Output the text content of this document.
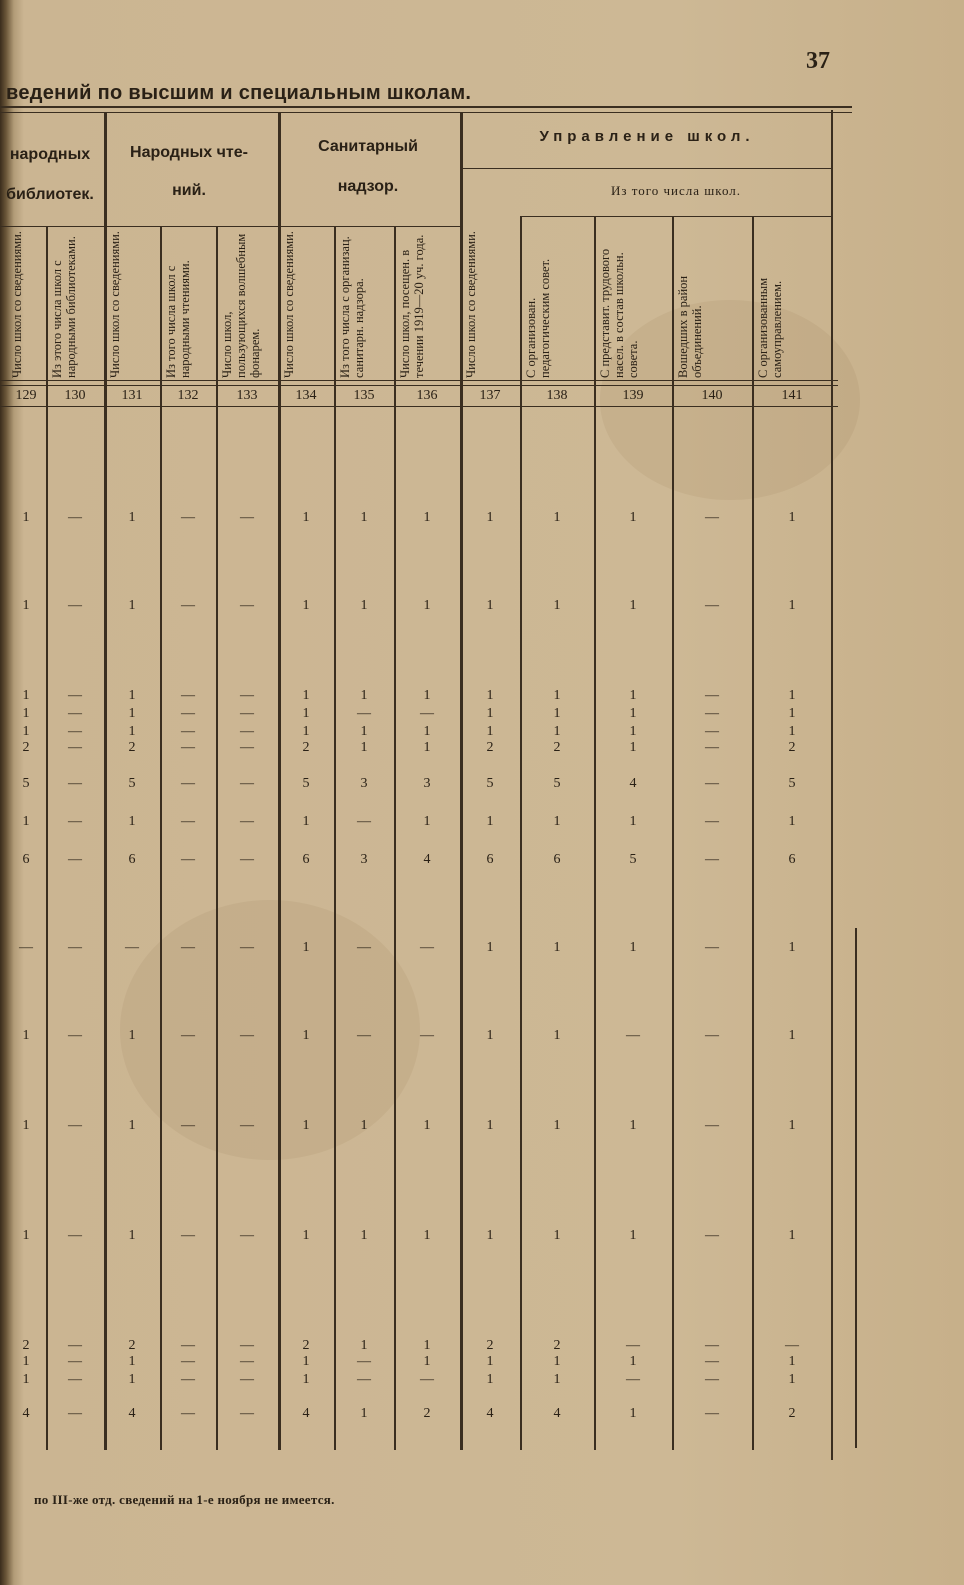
37
ведений по высшим и специальным школам.
народных
библиотек.
Народных чте-
ний.
Санитарный
надзор.
Управление школ.
Из того числа школ.
Число школ со сведениями.
129
Из этого числа школ с народными библиотеками.
130
Число школ со сведениями.
131
Из того числа школ с народными чтениями.
132
Число школ, пользующихся волшебным фонарем.
133
Число школ со сведениями.
134
Из того числа с организац. санитарн. надзора.
135
Число школ, посещен. в течении 1919—20 уч. года.
136
Число школ со сведениями.
137
С организован. педагогическим совет.
138
С представит. трудового насел. в состав школьн. совета.
139
Вошедших в район объединений.
140
С организованным самоуправлением.
141
1	—	1	—	—	1	1	1	1	1	1	—	1
1	—	1	—	—	1	1	1	1	1	1	—	1
1	—	1	—	—	1	1	1	1	1	1	—	1
1	—	1	—	—	1	—	—	1	1	1	—	1
1	—	1	—	—	1	1	1	1	1	1	—	1
2	—	2	—	—	2	1	1	2	2	1	—	2
5	—	5	—	—	5	3	3	5	5	4	—	5
1	—	1	—	—	1	—	1	1	1	1	—	1
6	—	6	—	—	6	3	4	6	6	5	—	6
—	—	—	—	—	1	—	—	1	1	1	—	1
1	—	1	—	—	1	—	—	1	1	—	—	1
1	—	1	—	—	1	1	1	1	1	1	—	1
1	—	1	—	—	1	1	1	1	1	1	—	1
2	—	2	—	—	2	1	1	2	2	—	—	—
1	—	1	—	—	1	—	1	1	1	1	—	1
1	—	1	—	—	1	—	—	1	1	—	—	1
4	—	4	—	—	4	1	2	4	4	1	—	2
по III-же отд. сведений на 1-е ноября не имеется.
